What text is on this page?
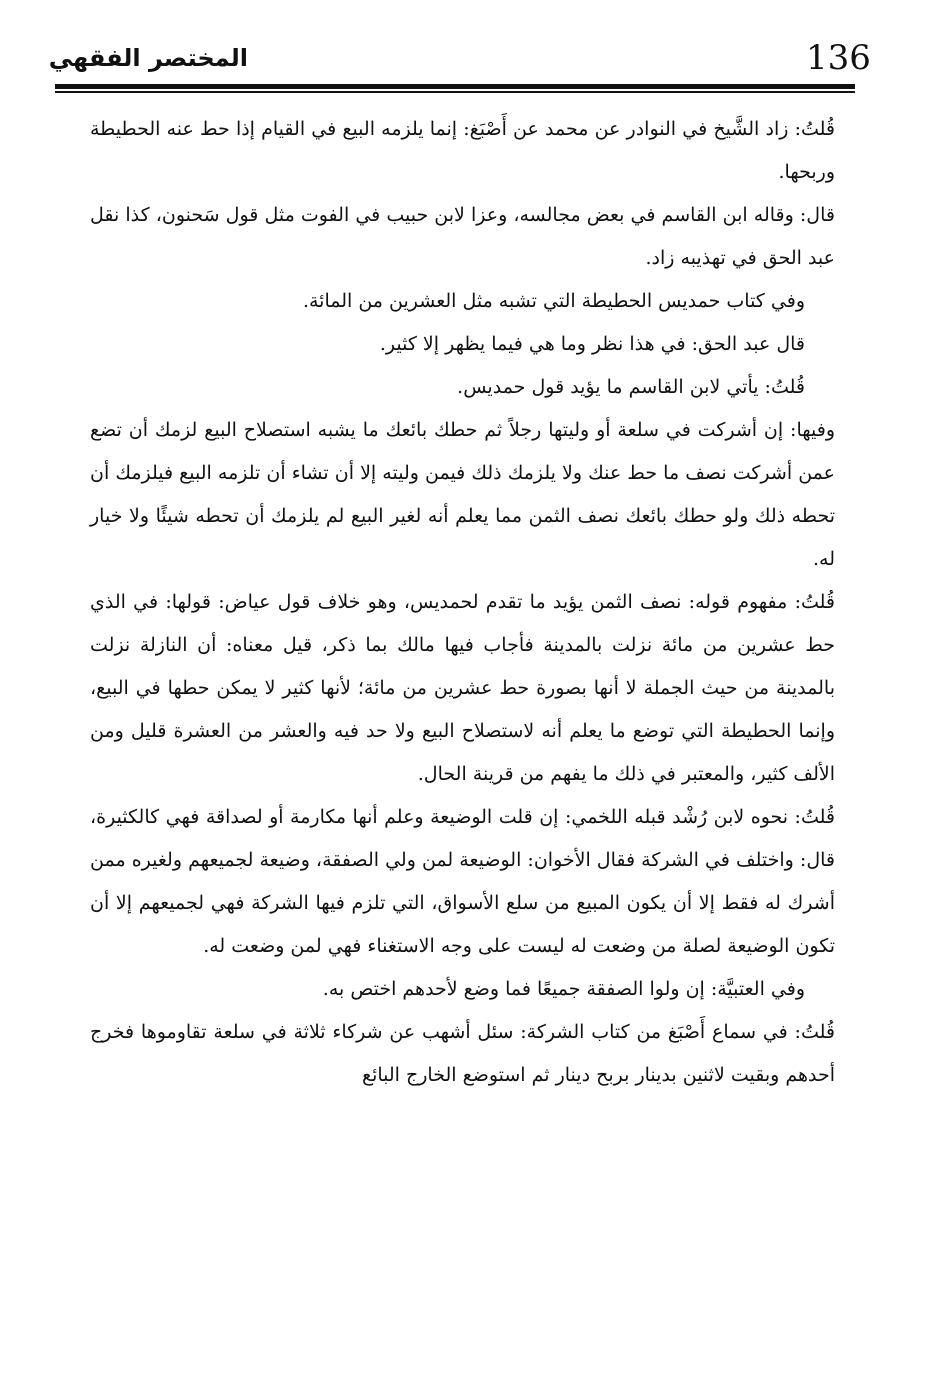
136
المختصر الفقهي

قُلتُ: زاد الشَّيخ في النوادر عن محمد عن أَصْبَغ: إنما يلزمه البيع في القيام إذا حط عنه الحطيطة وربحها.

قال: وقاله ابن القاسم في بعض مجالسه، وعزا لابن حبيب في الفوت مثل قول سَحنون، كذا نقل عبد الحق في تهذيبه زاد.

وفي كتاب حمديس الحطيطة التي تشبه مثل العشرين من المائة.

قال عبد الحق: في هذا نظر وما هي فيما يظهر إلا كثير.

قُلتُ: يأتي لابن القاسم ما يؤيد قول حمديس.

وفيها: إن أشركت في سلعة أو وليتها رجلاً ثم حطك بائعك ما يشبه استصلاح البيع لزمك أن تضع عمن أشركت نصف ما حط عنك ولا يلزمك ذلك فيمن وليته إلا أن تشاء أن تلزمه البيع فيلزمك أن تحطه ذلك ولو حطك بائعك نصف الثمن مما يعلم أنه لغير البيع لم يلزمك أن تحطه شيئًا ولا خيار له.

قُلتُ: مفهوم قوله: نصف الثمن يؤيد ما تقدم لحمديس، وهو خلاف قول عياض: قولها: في الذي حط عشرين من مائة نزلت بالمدينة فأجاب فيها مالك بما ذكر، قيل معناه: أن النازلة نزلت بالمدينة من حيث الجملة لا أنها بصورة حط عشرين من مائة؛ لأنها كثير لا يمكن حطها في البيع، وإنما الحطيطة التي توضع ما يعلم أنه لاستصلاح البيع ولا حد فيه والعشر من العشرة قليل ومن الألف كثير، والمعتبر في ذلك ما يفهم من قرينة الحال.

قُلتُ: نحوه لابن رُشْد قبله اللخمي: إن قلت الوضيعة وعلم أنها مكارمة أو لصداقة فهي كالكثيرة، قال: واختلف في الشركة فقال الأخوان: الوضيعة لمن ولي الصفقة، وضيعة لجميعهم ولغيره ممن أشرك له فقط إلا أن يكون المبيع من سلع الأسواق، التي تلزم فيها الشركة فهي لجميعهم إلا أن تكون الوضيعة لصلة من وضعت له ليست على وجه الاستغناء فهي لمن وضعت له.

وفي العتبيَّة: إن ولوا الصفقة جميعًا فما وضع لأحدهم اختص به.

قُلتُ: في سماع أَصْبَغ من كتاب الشركة: سئل أشهب عن شركاء ثلاثة في سلعة تقاوموها فخرج أحدهم وبقيت لاثنين بدينار بربح دينار ثم استوضع الخارج البائع
